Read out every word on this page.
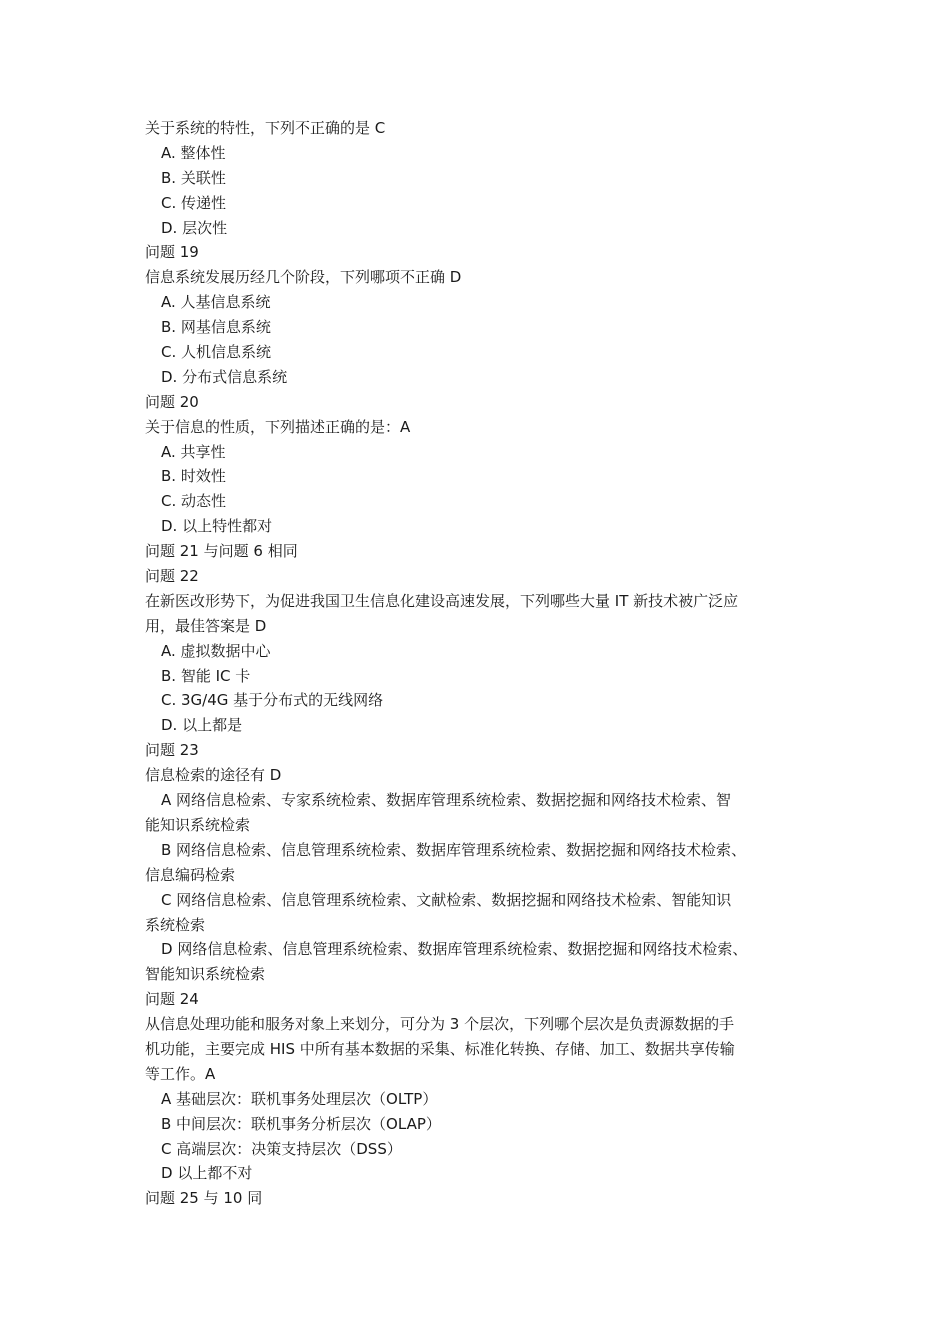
关于系统的特性，下列不正确的是 C
A. 整体性
B. 关联性
C. 传递性
D. 层次性
问题 19
信息系统发展历经几个阶段，下列哪项不正确 D
A. 人基信息系统
B. 网基信息系统
C. 人机信息系统
D. 分布式信息系统
问题 20
关于信息的性质，下列描述正确的是：A
A. 共享性
B. 时效性
C. 动态性
D. 以上特性都对
问题 21 与问题 6 相同
问题 22
在新医改形势下，为促进我国卫生信息化建设高速发展，下列哪些大量 IT 新技术被广泛应
用，最佳答案是 D
A. 虚拟数据中心
B. 智能 IC 卡
C. 3G/4G 基于分布式的无线网络
D. 以上都是
问题 23
信息检索的途径有 D
A 网络信息检索、专家系统检索、数据库管理系统检索、数据挖掘和网络技术检索、智
能知识系统检索
B 网络信息检索、信息管理系统检索、数据库管理系统检索、数据挖掘和网络技术检索、
信息编码检索
C 网络信息检索、信息管理系统检索、文献检索、数据挖掘和网络技术检索、智能知识
系统检索
D 网络信息检索、信息管理系统检索、数据库管理系统检索、数据挖掘和网络技术检索、
智能知识系统检索
问题 24
从信息处理功能和服务对象上来划分，可分为 3 个层次，下列哪个层次是负责源数据的手
机功能，主要完成 HIS 中所有基本数据的采集、标准化转换、存储、加工、数据共享传输
等工作。A
A 基础层次：联机事务处理层次（OLTP）
B 中间层次：联机事务分析层次（OLAP）
C 高端层次：决策支持层次（DSS）
D 以上都不对
问题 25 与 10 同
